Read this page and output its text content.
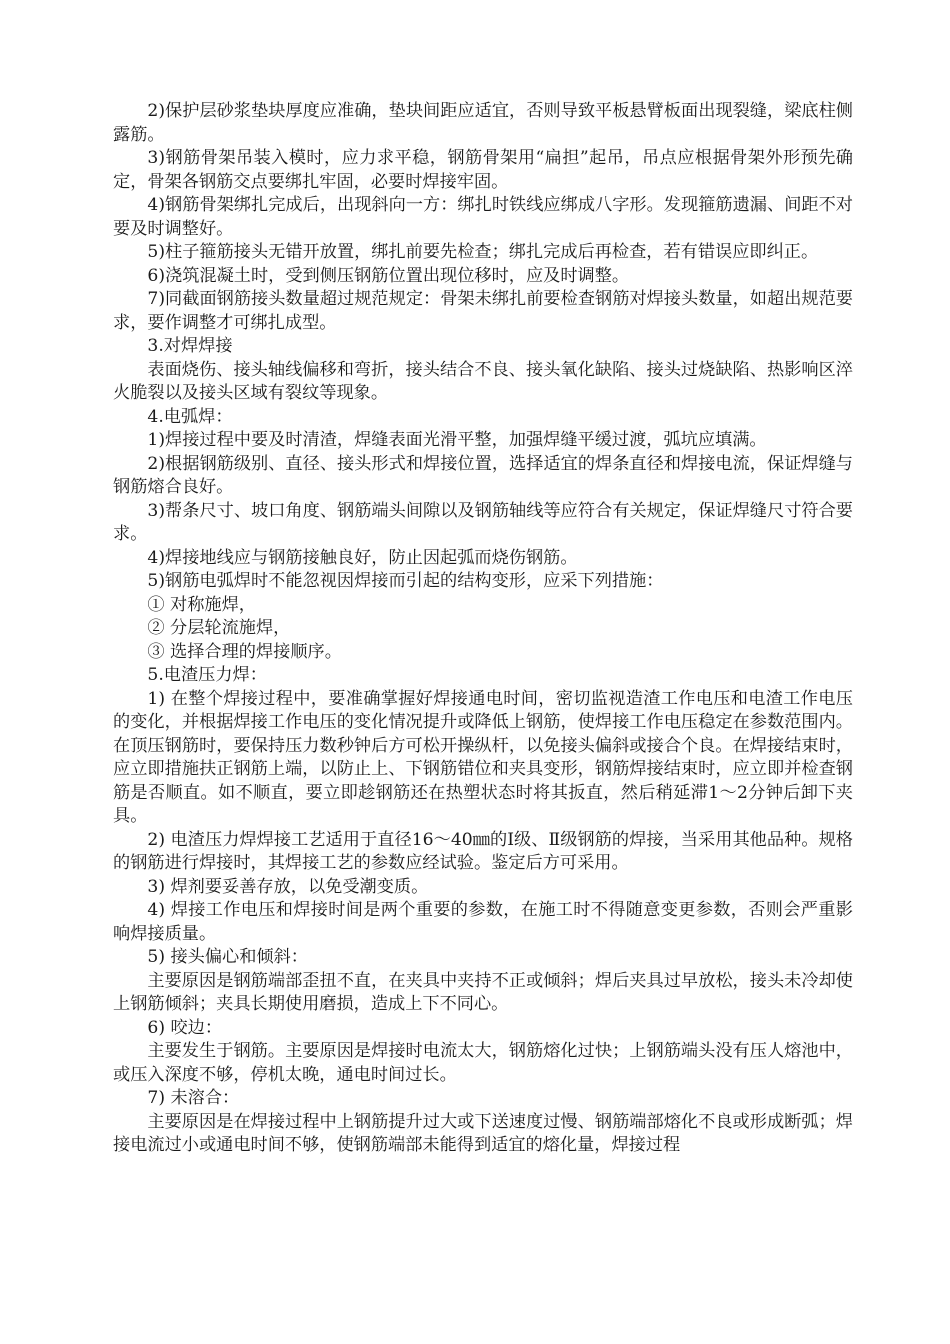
2)保护层砂浆垫块厚度应准确，垫块间距应适宜，否则导致平板悬臂板面出现裂缝，梁底柱侧露筋。

3)钢筋骨架吊装入模时，应力求平稳，钢筋骨架用“扁担”起吊，吊点应根据骨架外形预先确定，骨架各钢筋交点要绑扎牢固，必要时焊接牢固。

4)钢筋骨架绑扎完成后，出现斜向一方：绑扎时铁线应绑成八字形。发现箍筋遗漏、间距不对要及时调整好。

5)柱子箍筋接头无错开放置，绑扎前要先检查；绑扎完成后再检查，若有错误应即纠正。

6)浇筑混凝土时，受到侧压钢筋位置出现位移时，应及时调整。

7)同截面钢筋接头数量超过规范规定：骨架未绑扎前要检查钢筋对焊接头数量，如超出规范要求，要作调整才可绑扎成型。

3.对焊焊接

表面烧伤、接头轴线偏移和弯折，接头结合不良、接头氧化缺陷、接头过烧缺陷、热影响区淬火脆裂以及接头区域有裂纹等现象。

4.电弧焊：

1)焊接过程中要及时清渣，焊缝表面光滑平整，加强焊缝平缓过渡，弧坑应填满。

2)根据钢筋级别、直径、接头形式和焊接位置，选择适宜的焊条直径和焊接电流，保证焊缝与钢筋熔合良好。

3)帮条尺寸、坡口角度、钢筋端头间隙以及钢筋轴线等应符合有关规定，保证焊缝尺寸符合要求。

4)焊接地线应与钢筋接触良好，防止因起弧而烧伤钢筋。

5)钢筋电弧焊时不能忽视因焊接而引起的结构变形，应采下列措施：

① 对称施焊，

② 分层轮流施焊，

③ 选择合理的焊接顺序。

5.电渣压力焊：

1) 在整个焊接过程中，要准确掌握好焊接通电时间，密切监视造渣工作电压和电渣工作电压的变化，并根据焊接工作电压的变化情况提升或降低上钢筋，使焊接工作电压稳定在参数范围内。在顶压钢筋时，要保持压力数秒钟后方可松开操纵杆，以免接头偏斜或接合个良。在焊接结束时，应立即措施扶正钢筋上端，以防止上、下钢筋错位和夹具变形，钢筋焊接结束时，应立即并检查钢筋是否顺直。如不顺直，要立即趁钢筋还在热塑状态时将其扳直，然后稍延滞1～2分钟后卸下夹具。

2) 电渣压力焊焊接工艺适用于直径16～40㎜的Ⅰ级、Ⅱ级钢筋的焊接，当采用其他品种。规格的钢筋进行焊接时，其焊接工艺的参数应经试验。鉴定后方可采用。

3) 焊剂要妥善存放，以免受潮变质。

4) 焊接工作电压和焊接时间是两个重要的参数，在施工时不得随意变更参数，否则会严重影响焊接质量。

5) 接头偏心和倾斜：

主要原因是钢筋端部歪扭不直，在夹具中夹持不正或倾斜；焊后夹具过早放松，接头未冷却使上钢筋倾斜；夹具长期使用磨损，造成上下不同心。

6) 咬边：

主要发生于钢筋。主要原因是焊接时电流太大，钢筋熔化过快；上钢筋端头没有压人熔池中，或压入深度不够，停机太晚，通电时间过长。

7) 未溶合：

主要原因是在焊接过程中上钢筋提升过大或下送速度过慢、钢筋端部熔化不良或形成断弧；焊接电流过小或通电时间不够，使钢筋端部未能得到适宜的熔化量，焊接过程
